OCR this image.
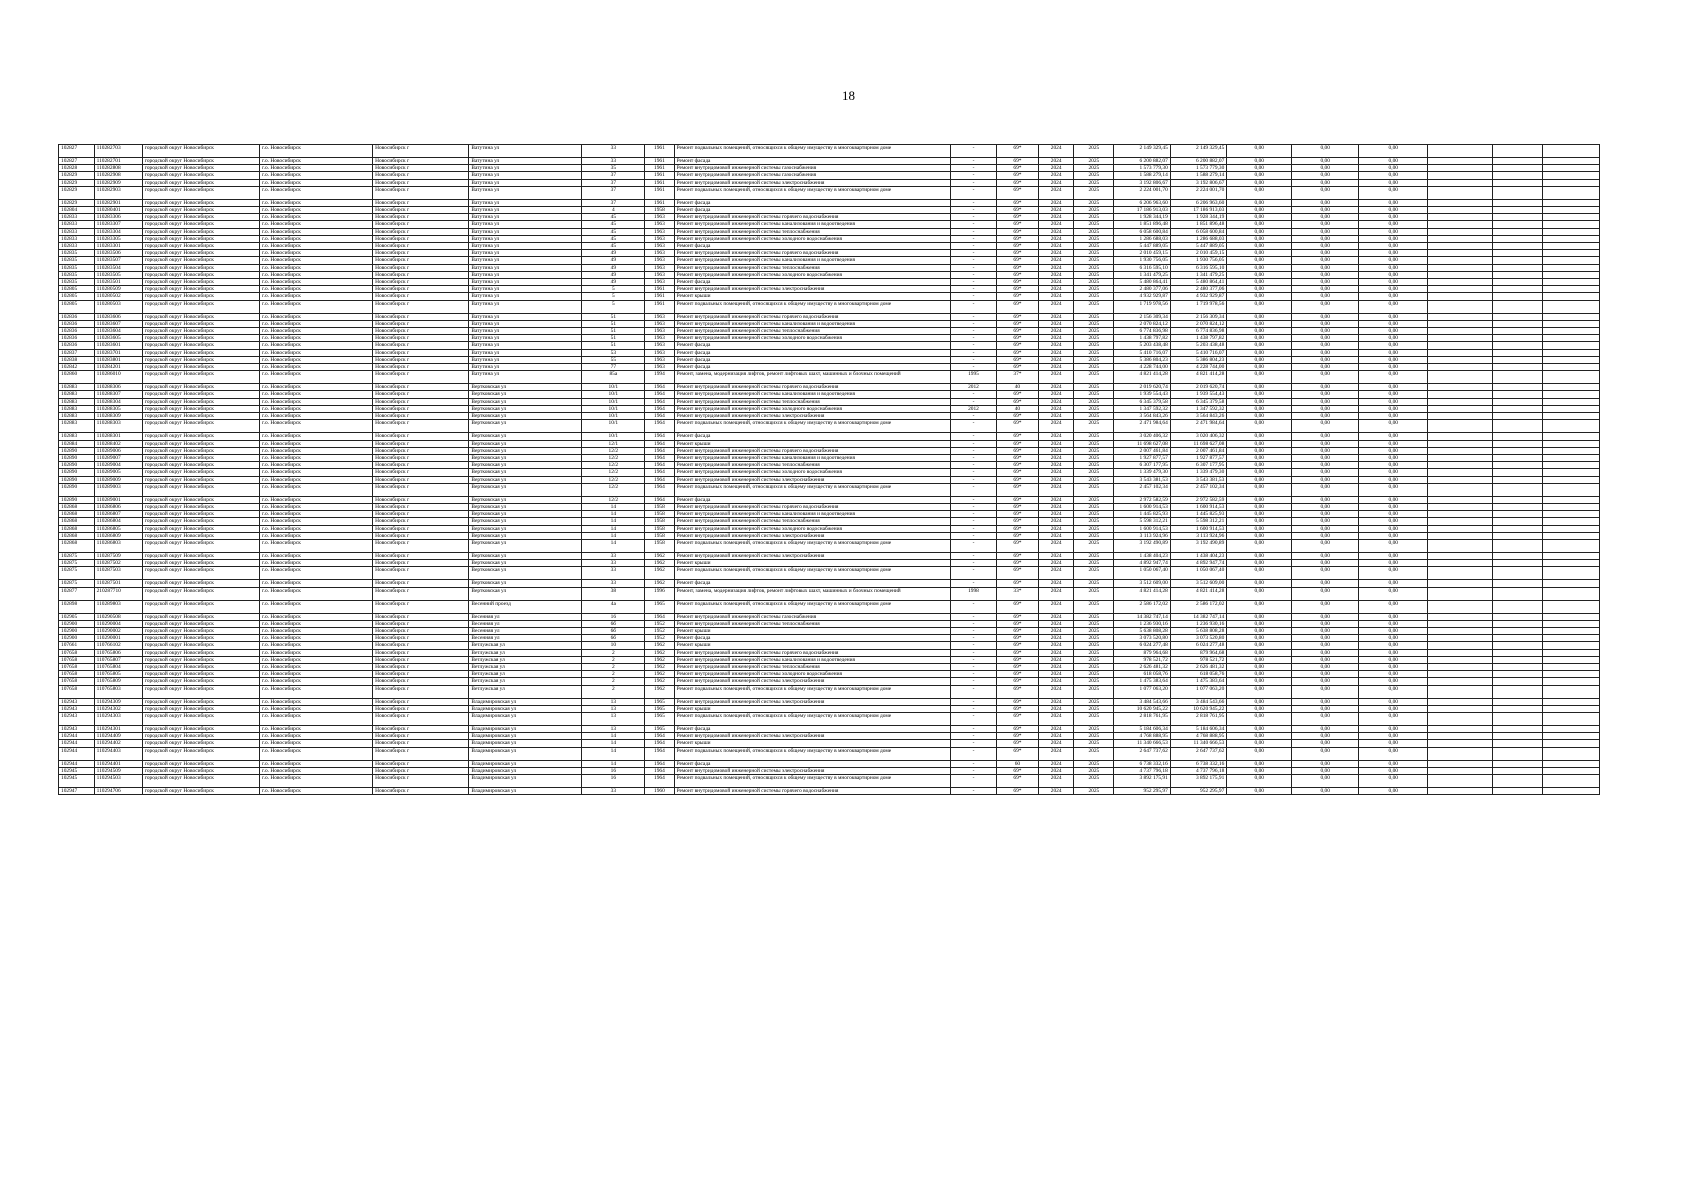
18
102827	110282703	городской округ Новосибирск	г.о. Новосибирск	Новосибирск г	Ватутина ул	33	1961	Ремонт подвальных помещений, относящихся к общему имуществу в многоквартирном доме	-	69*	2024	2025	2 149 329,45	2 149 329,45	0,00	0,00	0,00			
102827	110282701	городской округ Новосибирск	г.о. Новосибирск	Новосибирск г	Ватутина ул	33	1961	Ремонт фасада	-	69*	2024	2025	6 200 882,07	6 200 882,07	0,00	0,00	0,00			
102828	110282808	городской округ Новосибирск	г.о. Новосибирск	Новосибирск г	Ватутина ул	35	1961	Ремонт внутридомовой инженерной системы газоснабжения	-	69*	2024	2025	1 573 779,30	1 573 779,30	0,00	0,00	0,00			
102829	110282908	городской округ Новосибирск	г.о. Новосибирск	Новосибирск г	Ватутина ул	37	1961	Ремонт внутридомовой инженерной системы газоснабжения	-	69*	2024	2025	1 588 279,14	1 588 279,14	0,00	0,00	0,00			
102829	110282909	городской округ Новосибирск	г.о. Новосибирск	Новосибирск г	Ватутина ул	37	1961	Ремонт внутридомовой инженерной системы электроснабжения	-	69*	2024	2025	3 192 806,67	3 192 806,67	0,00	0,00	0,00			
102829	110282903	городской округ Новосибирск	г.о. Новосибирск	Новосибирск г	Ватутина ул	37	1961	Ремонт подвальных помещений, относящихся к общему имуществу в многоквартирном доме	-	69*	2024	2025	2 224 001,70	2 224 001,70	0,00	0,00	0,00			
102829	110282901	городской округ Новосибирск	г.о. Новосибирск	Новосибирск г	Ватутина ул	37	1961	Ремонт фасада	-	69*	2024	2025	6 206 963,60	6 206 963,60	0,00	0,00	0,00			
102804	110280401	городской округ Новосибирск	г.о. Новосибирск	Новосибирск г	Ватутина ул	4	1958	Ремонт фасада	-	69*	2024	2025	17 186 913,03	17 186 913,03	0,00	0,00	0,00			
102833	110283306	городской округ Новосибирск	г.о. Новосибирск	Новосибирск г	Ватутина ул	45	1963	Ремонт внутридомовой инженерной системы горячего водоснабжения	-	69*	2024	2025	1 928 344,19	1 928 344,19	0,00	0,00	0,00			
102833	110283307	городской округ Новосибирск	г.о. Новосибирск	Новосибирск г	Ватутина ул	45	1963	Ремонт внутридомовой инженерной системы канализования и водоотведения	-	69*	2024	2025	1 851 896,48	1 851 896,48	0,00	0,00	0,00			
102833	110283304	городской округ Новосибирск	г.о. Новосибирск	Новосибирск г	Ватутина ул	45	1963	Ремонт внутридомовой инженерной системы теплоснабжения	-	69*	2024	2025	6 058 600,84	6 058 600,84	0,00	0,00	0,00			
102833	110283305	городской округ Новосибирск	г.о. Новосибирск	Новосибирск г	Ватутина ул	45	1963	Ремонт внутридомовой инженерной системы холодного водоснабжения	-	69*	2024	2025	1 286 688,03	1 286 688,03	0,00	0,00	0,00			
102833	110283301	городской округ Новосибирск	г.о. Новосибирск	Новосибирск г	Ватутина ул	45	1963	Ремонт фасада	-	69*	2024	2025	5 447 889,05	5 447 889,05	0,00	0,00	0,00			
102835	110283506	городской округ Новосибирск	г.о. Новосибирск	Новосибирск г	Ватутина ул	49	1963	Ремонт внутридомовой инженерной системы горячего водоснабжения	-	69*	2024	2025	2 010 459,15	2 010 459,15	0,00	0,00	0,00			
102835	110283507	городской округ Новосибирск	г.о. Новосибирск	Новосибирск г	Ватутина ул	49	1963	Ремонт внутридомовой инженерной системы канализования и водоотведения	-	69*	2024	2025	1 930 756,05	1 930 756,05	0,00	0,00	0,00			
102835	110283504	городской округ Новосибирск	г.о. Новосибирск	Новосибирск г	Ватутина ул	49	1963	Ремонт внутридомовой инженерной системы теплоснабжения	-	69*	2024	2025	6 316 595,10	6 316 595,10	0,00	0,00	0,00			
102835	110283505	городской округ Новосибирск	г.о. Новосибирск	Новосибирск г	Ватутина ул	49	1963	Ремонт внутридомовой инженерной системы холодного водоснабжения	-	69*	2024	2025	1 341 479,25	1 341 479,25	0,00	0,00	0,00			
102835	110283501	городской округ Новосибирск	г.о. Новосибирск	Новосибирск г	Ватутина ул	49	1963	Ремонт фасада	-	69*	2024	2025	5 480 864,41	5 480 864,41	0,00	0,00	0,00			
102805	110280509	городской округ Новосибирск	г.о. Новосибирск	Новосибирск г	Ватутина ул	5	1961	Ремонт внутридомовой инженерной системы электроснабжения	-	69*	2024	2025	2 480 377,06	2 480 377,06	0,00	0,00	0,00			
102805	110280502	городской округ Новосибирск	г.о. Новосибирск	Новосибирск г	Ватутина ул	5	1961	Ремонт крыши	-	69*	2024	2025	4 932 929,87	4 932 929,87	0,00	0,00	0,00			
102805	110280503	городской округ Новосибирск	г.о. Новосибирск	Новосибирск г	Ватутина ул	5	1961	Ремонт подвальных помещений, относящихся к общему имуществу в многоквартирном доме	-	69*	2024	2025	1 719 978,56	1 719 978,56	0,00	0,00	0,00			
102836	110283606	городской округ Новосибирск	г.о. Новосибирск	Новосибирск г	Ватутина ул	51	1963	Ремонт внутридомовой инженерной системы горячего водоснабжения	-	69*	2024	2025	2 156 309,34	2 156 309,34	0,00	0,00	0,00			
102836	110283607	городской округ Новосибирск	г.о. Новосибирск	Новосибирск г	Ватутина ул	51	1963	Ремонт внутридомовой инженерной системы канализования и водоотведения	-	69*	2024	2025	2 070 824,12	2 070 824,12	0,00	0,00	0,00			
102836	110283604	городской округ Новосибирск	г.о. Новосибирск	Новосибирск г	Ватутина ул	51	1963	Ремонт внутридомовой инженерной системы теплоснабжения	-	69*	2024	2025	6 774 836,98	6 774 836,98	0,00	0,00	0,00			
102836	110283605	городской округ Новосибирск	г.о. Новосибирск	Новосибирск г	Ватутина ул	51	1963	Ремонт внутридомовой инженерной системы холодного водоснабжения	-	69*	2024	2025	1 438 797,82	1 438 797,82	0,00	0,00	0,00			
102836	110283601	городской округ Новосибирск	г.о. Новосибирск	Новосибирск г	Ватутина ул	51	1963	Ремонт фасада	-	69*	2024	2025	5 203 438,48	5 203 438,48	0,00	0,00	0,00			
102837	110283701	городской округ Новосибирск	г.о. Новосибирск	Новосибирск г	Ватутина ул	53	1963	Ремонт фасада	-	69*	2024	2025	5 410 716,07	5 410 716,07	0,00	0,00	0,00			
102838	110283801	городской округ Новосибирск	г.о. Новосибирск	Новосибирск г	Ватутина ул	55	1963	Ремонт фасада	-	69*	2024	2025	5 386 804,23	5 386 804,23	0,00	0,00	0,00			
102842	110284201	городской округ Новосибирск	г.о. Новосибирск	Новосибирск г	Ватутина ул	77	1963	Ремонт фасада	-	69*	2024	2025	4 228 744,00	4 228 744,00	0,00	0,00	0,00			
102860	110286010	городской округ Новосибирск	г.о. Новосибирск	Новосибирск г	Ватутина ул	85а	1994	Ремонт, замена, модернизация лифтов, ремонт лифтовых шахт, машинных и блочных помещений	1995	37*	2024	2025	4 821 414,28	4 821 414,28	0,00	0,00	0,00			
102883	110288306	городской округ Новосибирск	г.о. Новосибирск	Новосибирск г	Вертковская ул	10/1	1964	Ремонт внутридомовой инженерной системы горячего водоснабжения	2012	40	2024	2025	2 019 620,74	2 019 620,74	0,00	0,00	0,00			
102883	110288307	городской округ Новосибирск	г.о. Новосибирск	Новосибирск г	Вертковская ул	10/1	1964	Ремонт внутридомовой инженерной системы канализования и водоотведения	-	69*	2024	2025	1 939 554,43	1 939 554,43	0,00	0,00	0,00			
102883	110288304	городской округ Новосибирск	г.о. Новосибирск	Новосибирск г	Вертковская ул	10/1	1964	Ремонт внутридомовой инженерной системы теплоснабжения	-	69*	2024	2025	6 345 379,58	6 345 379,58	0,00	0,00	0,00			
102883	110288305	городской округ Новосибирск	г.о. Новосибирск	Новосибирск г	Вертковская ул	10/1	1964	Ремонт внутридомовой инженерной системы холодного водоснабжения	2012	40	2024	2025	1 347 592,32	1 347 592,32	0,00	0,00	0,00			
102883	110288309	городской округ Новосибирск	г.о. Новосибирск	Новосибирск г	Вертковская ул	10/1	1964	Ремонт внутридомовой инженерной системы электроснабжения	-	69*	2024	2025	3 564 843,26	3 564 843,26	0,00	0,00	0,00			
102883	110288303	городской округ Новосибирск	г.о. Новосибирск	Новосибирск г	Вертковская ул	10/1	1964	Ремонт подвальных помещений, относящихся к общему имуществу в многоквартирном доме	-	69*	2024	2025	2 471 984,64	2 471 984,64	0,00	0,00	0,00			
102883	110288301	городской округ Новосибирск	г.о. Новосибирск	Новосибирск г	Вертковская ул	10/1	1964	Ремонт фасада	-	69*	2024	2025	3 020 406,32	3 020 406,32	0,00	0,00	0,00			
102884	110288402	городской округ Новосибирск	г.о. Новосибирск	Новосибирск г	Вертковская ул	12/1	1964	Ремонт крыши	-	69*	2024	2025	11 698 627,08	11 698 627,08	0,00	0,00	0,00			
102890	110289006	городской округ Новосибирск	г.о. Новосибирск	Новосибирск г	Вертковская ул	12/2	1964	Ремонт внутридомовой инженерной системы горячего водоснабжения	-	69*	2024	2025	2 007 461,84	2 007 461,84	0,00	0,00	0,00			
102890	110289007	городской округ Новосибирск	г.о. Новосибирск	Новосибирск г	Вертковская ул	12/2	1964	Ремонт внутридомовой инженерной системы канализования и водоотведения	-	69*	2024	2025	1 927 877,57	1 927 877,57	0,00	0,00	0,00			
102890	110289004	городской округ Новосибирск	г.о. Новосибирск	Новосибирск г	Вертковская ул	12/2	1964	Ремонт внутридомовой инженерной системы теплоснабжения	-	69*	2024	2025	6 307 177,95	6 307 177,95	0,00	0,00	0,00			
102890	110289005	городской округ Новосибирск	г.о. Новосибирск	Новосибирск г	Вертковская ул	12/2	1964	Ремонт внутридомовой инженерной системы холодного водоснабжения	-	69*	2024	2025	1 339 479,30	1 339 479,30	0,00	0,00	0,00			
102890	110289009	городской округ Новосибирск	г.о. Новосибирск	Новосибирск г	Вертковская ул	12/2	1964	Ремонт внутридомовой инженерной системы электроснабжения	-	69*	2024	2025	3 543 381,53	3 543 381,53	0,00	0,00	0,00			
102890	110289003	городской округ Новосибирск	г.о. Новосибирск	Новосибирск г	Вертковская ул	12/2	1964	Ремонт подвальных помещений, относящихся к общему имуществу в многоквартирном доме	-	69*	2024	2025	2 457 102,34	2 457 102,34	0,00	0,00	0,00			
102890	110289001	городской округ Новосибирск	г.о. Новосибирск	Новосибирск г	Вертковская ул	12/2	1964	Ремонт фасада	-	69*	2024	2025	2 972 582,59	2 972 582,59	0,00	0,00	0,00			
102868	110286806	городской округ Новосибирск	г.о. Новосибирск	Новосибирск г	Вертковская ул	14	1958	Ремонт внутридомовой инженерной системы горячего водоснабжения	-	69*	2024	2025	1 600 914,53	1 600 914,53	0,00	0,00	0,00			
102868	110286807	городской округ Новосибирск	г.о. Новосибирск	Новосибирск г	Вертковская ул	14	1958	Ремонт внутридомовой инженерной системы канализования и водоотведения	-	69*	2024	2025	1 445 825,93	1 445 825,93	0,00	0,00	0,00			
102868	110286804	городской округ Новосибирск	г.о. Новосибирск	Новосибирск г	Вертковская ул	14	1958	Ремонт внутридомовой инженерной системы теплоснабжения	-	69*	2024	2025	5 598 312,21	5 598 312,21	0,00	0,00	0,00			
102868	110286805	городской округ Новосибирск	г.о. Новосибирск	Новосибирск г	Вертковская ул	14	1958	Ремонт внутридомовой инженерной системы холодного водоснабжения	-	69*	2024	2025	1 600 914,53	1 600 914,53	0,00	0,00	0,00			
102868	110286809	городской округ Новосибирск	г.о. Новосибирск	Новосибирск г	Вертковская ул	14	1958	Ремонт внутридомовой инженерной системы электроснабжения	-	69*	2024	2025	3 113 924,96	3 113 924,96	0,00	0,00	0,00			
102868	110286803	городской округ Новосибирск	г.о. Новосибирск	Новосибирск г	Вертковская ул	14	1958	Ремонт подвальных помещений, относящихся к общему имуществу в многоквартирном доме	-	69*	2024	2025	3 192 490,89	3 192 490,89	0,00	0,00	0,00			
102875	110287509	городской округ Новосибирск	г.о. Новосибирск	Новосибирск г	Вертковская ул	33	1962	Ремонт внутридомовой инженерной системы электроснабжения	-	69*	2024	2025	1 438 404,23	1 438 404,23	0,00	0,00	0,00			
102875	110287502	городской округ Новосибирск	г.о. Новосибирск	Новосибирск г	Вертковская ул	33	1962	Ремонт крыши	-	69*	2024	2025	4 892 947,74	4 892 947,74	0,00	0,00	0,00			
102875	110287503	городской округ Новосибирск	г.о. Новосибирск	Новосибирск г	Вертковская ул	33	1962	Ремонт подвальных помещений, относящихся к общему имуществу в многоквартирном доме	-	69*	2024	2025	1 050 067,40	1 050 067,40	0,00	0,00	0,00			
102875	110287501	городской округ Новосибирск	г.о. Новосибирск	Новосибирск г	Вертковская ул	33	1962	Ремонт фасада	-	69*	2024	2025	3 512 609,00	3 512 609,00	0,00	0,00	0,00			
102877	210287710	городской округ Новосибирск	г.о. Новосибирск	Новосибирск г	Вертковская ул	38	1996	Ремонт, замена, модернизация лифтов, ремонт лифтовых шахт, машинных и блочных помещений	1998	33*	2024	2025	4 821 414,28	4 821 414,28	0,00	0,00	0,00			
102898	110289803	городской округ Новосибирск	г.о. Новосибирск	Новосибирск г	Весенний проезд	4а	1965	Ремонт подвальных помещений, относящихся к общему имуществу в многоквартирном доме	-	69*	2024	2025	2 586 172,02	2 586 172,02	0,00	0,00	0,00			
102905	110290508	городской округ Новосибирск	г.о. Новосибирск	Новосибирск г	Весенняя ул	16	1964	Ремонт внутридомовой инженерной системы газоснабжения	-	69*	2024	2025	14 382 747,14	14 382 747,14	0,00	0,00	0,00			
102900	110290004	городской округ Новосибирск	г.о. Новосибирск	Новосибирск г	Весенняя ул	6б	1952	Ремонт внутридомовой инженерной системы теплоснабжения	-	69*	2024	2025	1 236 930,16	1 236 930,16	0,00	0,00	0,00			
102900	110290002	городской округ Новосибирск	г.о. Новосибирск	Новосибирск г	Весенняя ул	6б	1952	Ремонт крыши	-	69*	2024	2025	5 638 808,28	5 638 808,28	0,00	0,00	0,00			
102900	110290001	городской округ Новосибирск	г.о. Новосибирск	Новосибирск г	Весенняя ул	6б	1952	Ремонт фасада	-	69*	2024	2025	3 073 520,80	3 073 520,80	0,00	0,00	0,00			
107661	110766102	городской округ Новосибирск	г.о. Новосибирск	Новосибирск г	Ветлужская ул	10	1962	Ремонт крыши	-	69*	2024	2025	6 024 277,48	6 024 277,48	0,00	0,00	0,00			
107658	110765806	городской округ Новосибирск	г.о. Новосибирск	Новосибирск г	Ветлужская ул	2	1962	Ремонт внутридомовой инженерной системы горячего водоснабжения	-	69*	2024	2025	879 964,68	879 964,68	0,00	0,00	0,00			
107658	110765807	городской округ Новосибирск	г.о. Новосибирск	Новосибирск г	Ветлужская ул	2	1962	Ремонт внутридомовой инженерной системы канализования и водоотведения	-	69*	2024	2025	978 521,72	978 521,72	0,00	0,00	0,00			
107658	110765804	городской округ Новосибирск	г.о. Новосибирск	Новосибирск г	Ветлужская ул	2	1962	Ремонт внутридомовой инженерной системы теплоснабжения	-	69*	2024	2025	2 626 481,32	2 626 481,32	0,00	0,00	0,00			
107658	110765805	городской округ Новосибирск	г.о. Новосибирск	Новосибирск г	Ветлужская ул	2	1962	Ремонт внутридомовой инженерной системы холодного водоснабжения	-	69*	2024	2025	618 058,76	618 058,76	0,00	0,00	0,00			
107658	110765809	городской округ Новосибирск	г.о. Новосибирск	Новосибирск г	Ветлужская ул	2	1962	Ремонт внутридомовой инженерной системы электроснабжения	-	69*	2024	2025	1 475 383,64	1 475 383,64	0,00	0,00	0,00			
107658	110765803	городской округ Новосибирск	г.о. Новосибирск	Новосибирск г	Ветлужская ул	2	1962	Ремонт подвальных помещений, относящихся к общему имуществу в многоквартирном доме	-	69*	2024	2025	1 077 063,20	1 077 063,20	0,00	0,00	0,00			
102943	110294309	городской округ Новосибирск	г.о. Новосибирск	Новосибирск г	Владимировская ул	13	1965	Ремонт внутридомовой инженерной системы электроснабжения	-	69*	2024	2025	3 484 543,66	3 484 543,66	0,00	0,00	0,00			
102943	110294302	городской округ Новосибирск	г.о. Новосибирск	Новосибирск г	Владимировская ул	13	1965	Ремонт крыши	-	69*	2024	2025	10 620 945,22	10 620 945,22	0,00	0,00	0,00			
102943	110294303	городской округ Новосибирск	г.о. Новосибирск	Новосибирск г	Владимировская ул	13	1965	Ремонт подвальных помещений, относящихся к общему имуществу в многоквартирном доме	-	69*	2024	2025	2 818 761,95	2 818 761,95	0,00	0,00	0,00			
102943	110294301	городской округ Новосибирск	г.о. Новосибирск	Новосибирск г	Владимировская ул	13	1965	Ремонт фасада	-	69*	2024	2025	5 184 606,34	5 184 606,34	0,00	0,00	0,00			
102944	110294409	городской округ Новосибирск	г.о. Новосибирск	Новосибирск г	Владимировская ул	14	1964	Ремонт внутридомовой инженерной системы электроснабжения	-	69*	2024	2025	4 768 888,95	4 768 888,95	0,00	0,00	0,00			
102944	110294402	городской округ Новосибирск	г.о. Новосибирск	Новосибирск г	Владимировская ул	14	1964	Ремонт крыши	-	69*	2024	2025	11 340 666,53	11 340 666,53	0,00	0,00	0,00			
102944	110294403	городской округ Новосибирск	г.о. Новосибирск	Новосибирск г	Владимировская ул	14	1964	Ремонт подвальных помещений, относящихся к общему имуществу в многоквартирном доме	-	69*	2024	2025	2 647 737,62	2 647 737,62	0,00	0,00	0,00			
102944	110294401	городской округ Новосибирск	г.о. Новосибирск	Новосибирск г	Владимировская ул	14	1964	Ремонт фасада	-	60	2024	2025	6 738 332,16	6 738 332,16	0,00	0,00	0,00			
102945	110294509	городской округ Новосибирск	г.о. Новосибирск	Новосибирск г	Владимировская ул	16	1964	Ремонт внутридомовой инженерной системы электроснабжения	-	69*	2024	2025	4 737 796,18	4 737 796,18	0,00	0,00	0,00			
102945	110294503	городской округ Новосибирск	г.о. Новосибирск	Новосибирск г	Владимировская ул	16	1964	Ремонт подвальных помещений, относящихся к общему имуществу в многоквартирном доме	-	69*	2024	2025	3 892 175,91	3 892 175,91	0,00	0,00	0,00			
102947	110294706	городской округ Новосибирск	г.о. Новосибирск	Новосибирск г	Владимировская ул	33	1960	Ремонт внутридомовой инженерной системы горячего водоснабжения	-	69*	2024	2025	952 295,97	952 295,97	0,00	0,00	0,00			
